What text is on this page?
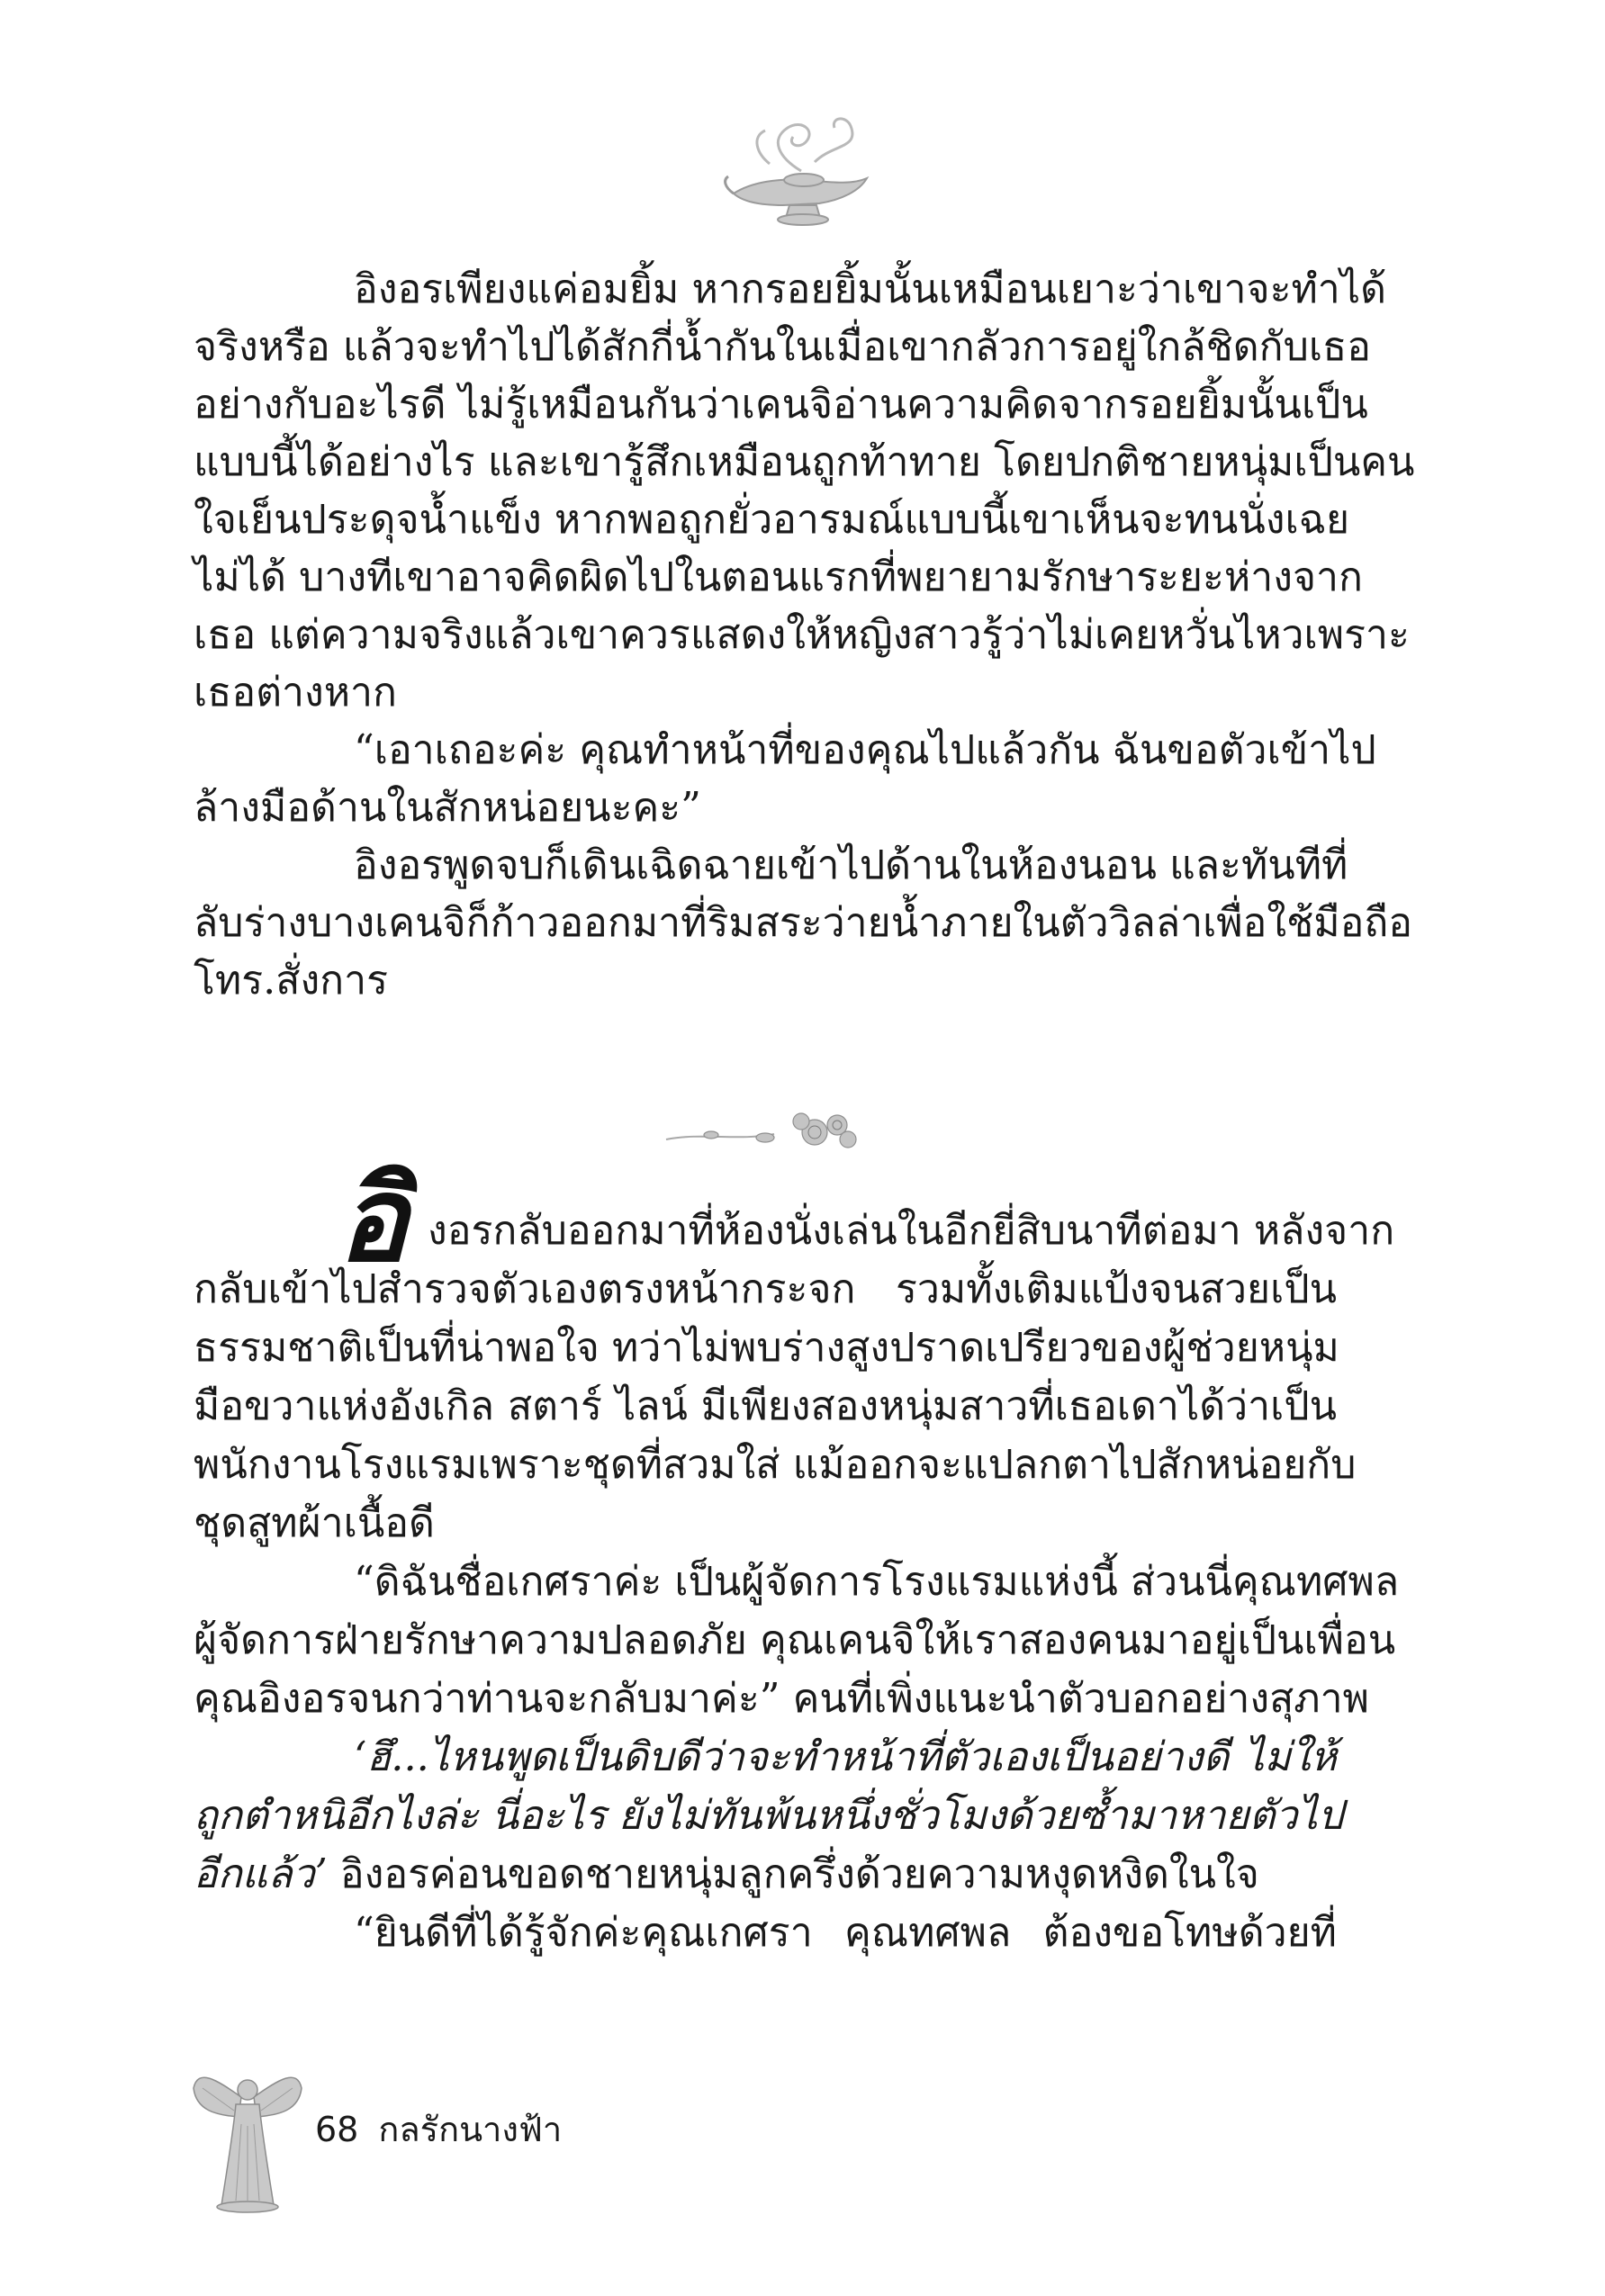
อิงอรเพียงแค่อมยิ้ม หากรอยยิ้มนั้นเหมือนเยาะว่าเขาจะทำได้
จริงหรือ แล้วจะทำไปได้สักกี่น้ำกันในเมื่อเขากลัวการอยู่ใกล้ชิดกับเธอ
อย่างกับอะไรดี ไม่รู้เหมือนกันว่าเคนจิอ่านความคิดจากรอยยิ้มนั้นเป็น
แบบนี้ได้อย่างไร และเขารู้สึกเหมือนถูกท้าทาย โดยปกติชายหนุ่มเป็นคน
ใจเย็นประดุจน้ำแข็ง หากพอถูกยั่วอารมณ์แบบนี้เขาเห็นจะทนนั่งเฉย
ไม่ได้ บางทีเขาอาจคิดผิดไปในตอนแรกที่พยายามรักษาระยะห่างจาก
เธอ แต่ความจริงแล้วเขาควรแสดงให้หญิงสาวรู้ว่าไม่เคยหวั่นไหวเพราะ
เธอต่างหาก
“เอาเถอะค่ะ คุณทำหน้าที่ของคุณไปแล้วกัน ฉันขอตัวเข้าไป
ล้างมือด้านในสักหน่อยนะคะ”
อิงอรพูดจบก็เดินเฉิดฉายเข้าไปด้านในห้องนอน และทันทีที่
ลับร่างบางเคนจิก็ก้าวออกมาที่ริมสระว่ายน้ำภายในตัววิลล่าเพื่อใช้มือถือ
โทร.สั่งการ
อิ งอรกลับออกมาที่ห้องนั่งเล่นในอีกยี่สิบนาทีต่อมา หลังจาก
กลับเข้าไปสำรวจตัวเองตรงหน้ากระจก รวมทั้งเติมแป้งจนสวยเป็น
ธรรมชาติเป็นที่น่าพอใจ ทว่าไม่พบร่างสูงปราดเปรียวของผู้ช่วยหนุ่ม
มือขวาแห่งอังเกิล สตาร์ ไลน์ มีเพียงสองหนุ่มสาวที่เธอเดาได้ว่าเป็น
พนักงานโรงแรมเพราะชุดที่สวมใส่ แม้ออกจะแปลกตาไปสักหน่อยกับ
ชุดสูทผ้าเนื้อดี
“ดิฉันชื่อเกศราค่ะ เป็นผู้จัดการโรงแรมแห่งนี้ ส่วนนี่คุณทศพล
ผู้จัดการฝ่ายรักษาความปลอดภัย คุณเคนจิให้เราสองคนมาอยู่เป็นเพื่อน
คุณอิงอรจนกว่าท่านจะกลับมาค่ะ” คนที่เพิ่งแนะนำตัวบอกอย่างสุภาพ
‘ฮึ...ไหนพูดเป็นดิบดีว่าจะทำหน้าที่ตัวเองเป็นอย่างดี ไม่ให้
ถูกตำหนิอีกไงล่ะ นี่อะไร ยังไม่ทันพ้นหนึ่งชั่วโมงด้วยซ้ำมาหายตัวไป
อีกแล้ว’ อิงอรค่อนขอดชายหนุ่มลูกครึ่งด้วยความหงุดหงิดในใจ
“ยินดีที่ได้รู้จักค่ะคุณเกศรา คุณทศพล ต้องขอโทษด้วยที่
68 กลรักนางฟ้า
